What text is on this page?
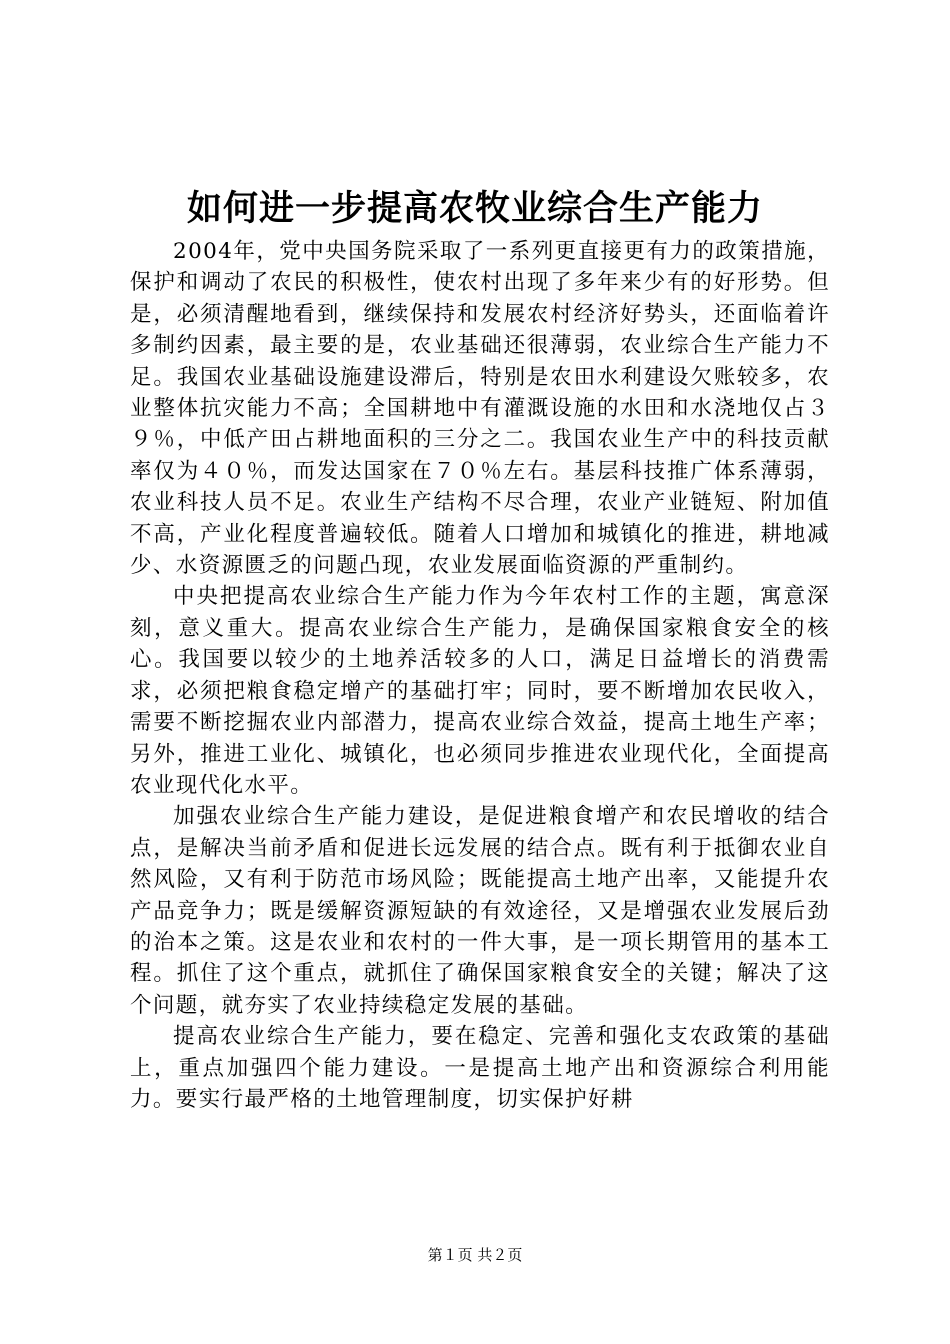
如何进一步提高农牧业综合生产能力

2004年，党中央国务院采取了一系列更直接更有力的政策措施，保护和调动了农民的积极性，使农村出现了多年来少有的好形势。但是，必须清醒地看到，继续保持和发展农村经济好势头，还面临着许多制约因素，最主要的是，农业基础还很薄弱，农业综合生产能力不足。我国农业基础设施建设滞后，特别是农田水利建设欠账较多，农业整体抗灾能力不高；全国耕地中有灌溉设施的水田和水浇地仅占３９％，中低产田占耕地面积的三分之二。我国农业生产中的科技贡献率仅为４０％，而发达国家在７０％左右。基层科技推广体系薄弱，农业科技人员不足。农业生产结构不尽合理，农业产业链短、附加值不高，产业化程度普遍较低。随着人口增加和城镇化的推进，耕地减少、水资源匮乏的问题凸现，农业发展面临资源的严重制约。

中央把提高农业综合生产能力作为今年农村工作的主题，寓意深刻，意义重大。提高农业综合生产能力，是确保国家粮食安全的核心。我国要以较少的土地养活较多的人口，满足日益增长的消费需求，必须把粮食稳定增产的基础打牢；同时，要不断增加农民收入，需要不断挖掘农业内部潜力，提高农业综合效益，提高土地生产率；另外，推进工业化、城镇化，也必须同步推进农业现代化，全面提高农业现代化水平。

加强农业综合生产能力建设，是促进粮食增产和农民增收的结合点，是解决当前矛盾和促进长远发展的结合点。既有利于抵御农业自然风险，又有利于防范市场风险；既能提高土地产出率，又能提升农产品竞争力；既是缓解资源短缺的有效途径，又是增强农业发展后劲的治本之策。这是农业和农村的一件大事，是一项长期管用的基本工程。抓住了这个重点，就抓住了确保国家粮食安全的关键；解决了这个问题，就夯实了农业持续稳定发展的基础。

提高农业综合生产能力，要在稳定、完善和强化支农政策的基础上，重点加强四个能力建设。一是提高土地产出和资源综合利用能力。要实行最严格的土地管理制度，切实保护好耕

第１页 共２页
